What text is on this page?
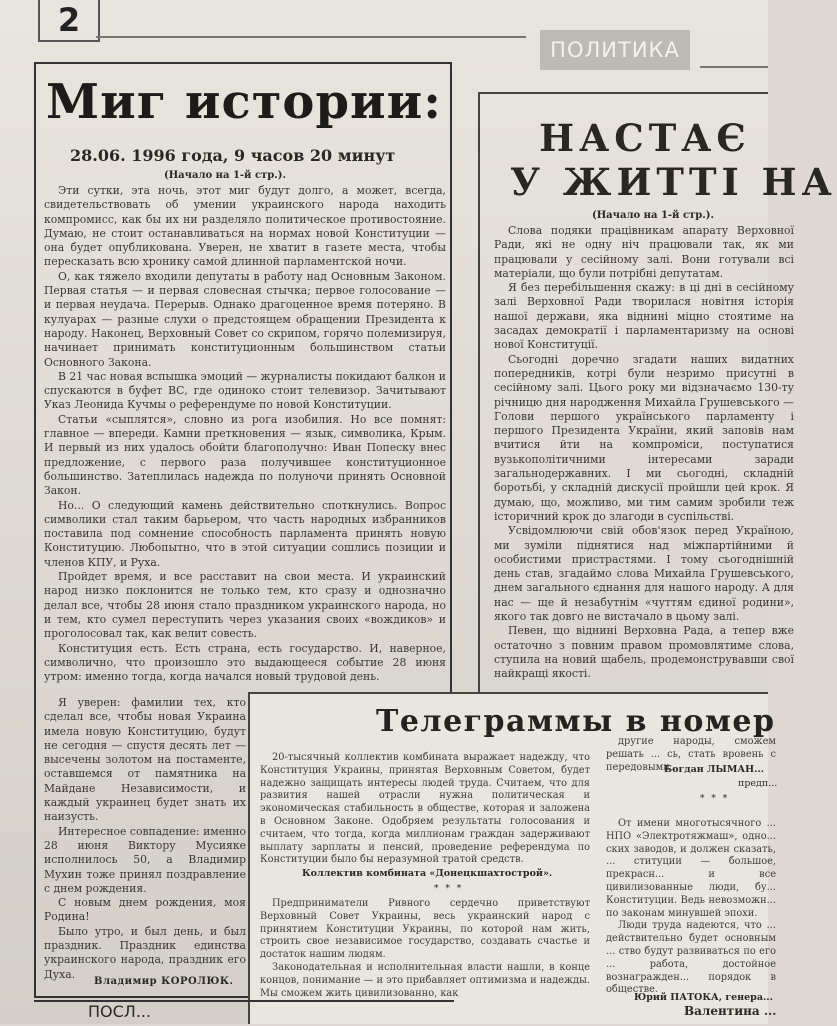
2
ПОЛИТИКА
Миг истории:
28.06. 1996 года, 9 часов 20 минут
(Начало на 1-й стр.).

Эти сутки, эта ночь, этот миг будут долго, а может, всегда, свидетельствовать об умении украинского народа находить компромисс, как бы их ни разделяло политическое противостояние. Думаю, не стоит останавливаться на нормах новой Конституции — она будет опубликована. Уверен, не хватит в газете места, чтобы пересказать всю хронику самой длинной парламентской ночи.

О, как тяжело входили депутаты в работу над Основным Законом. Первая статья — и первая словесная стычка; первое голосование — и первая неудача. Перерыв. Однако драгоценное время потеряно. В кулуарах — разные слухи о предстоящем обращении Президента к народу. Наконец, Верховный Совет со скрипом, горячо полемизируя, начинает принимать конституционным большинством статьи Основного Закона.

В 21 час новая вспышка эмоций — журналисты покидают балкон и спускаются в буфет ВС, где одиноко стоит телевизор. Зачитывают Указ Леонида Кучмы о референдуме по новой Конституции.

Статьи «сыплятся», словно из рога изобилия. Но все помнят: главное — впереди. Камни преткновения — язык, символика, Крым. И первый из них удалось обойти благополучно: Иван Попеску внес предложение, с первого раза получившее конституционное большинство. Затеплилась надежда по полуночи принять Основной Закон.

Но... О следующий камень действительно споткнулись. Вопрос символики стал таким барьером, что часть народных избранников поставила под сомнение способность парламента принять новую Конституцию. Любопытно, что в этой ситуации сошлись позиции и членов КПУ, и Руха.

Пройдет время, и все расставит на свои места. И украинский народ низко поклонится не только тем, кто сразу и однозначно делал все, чтобы 28 июня стало праздником украинского народа, но и тем, кто сумел переступить через указания своих «вождиков» и проголосовал так, как велит совесть.

Конституция есть. Есть страна, есть государство. И, наверное, символично, что произошло это выдающееся событие 28 июня утром: именно тогда, когда начался новый трудовой день.

Я уверен: фамилии тех, кто сделал все, чтобы новая Украина имела новую Конституцию, будут не сегодня — спустя десять лет — высечены золотом на постаменте, оставшемся от памятника на Майдане Независимости, и каждый украинец будет знать их наизусть.

Интересное совпадение: именно 28 июня Виктору Мусияке исполнилось 50, а Владимир Мухин тоже принял поздравление с днем рождения.

С новым днем рождения, моя Родина!

Было утро, и был день, и был праздник. Праздник единства украинского народа, праздник его Духа.

Владимир КОРОЛЮК.
НАСТАЄ
У ЖИТТІ НА
(Начало на 1-й стр.).

Слова подяки працівникам апарату Верховної Ради, які не одну ніч працювали так, як ми працювали у сесійному залі. Вони готували всі матеріали, що були потрібні депутатам.

Я без перебільшення скажу: в ці дні в сесійному залі Верховної Ради творилася новітня історія нашої держави, яка віднині міцно стоятиме на засадах демократії і парламентаризму на основі нової Конституції.

Сьогодні доречно згадати наших видатних попередників, котрі були незримо присутні в сесійному залі. Цього року ми відзначаємо 130-ту річницю дня народження Михайла Грушевського — Голови першого українського парламенту і першого Президента України, який заповів нам вчитися йти на компроміси, поступатися вузькополітичними інтересами заради загальнодержавних. І ми сьогодні, складній боротьбі, у складній дискусії пройшли цей крок. Я думаю, що, можливо, ми тим самим зробили теж історичний крок до злагоди в суспільстві.

Усвідомлюючи свій обов'язок перед Україною, ми зуміли піднятися над міжпартійними й особистими пристрастями. І тому сьогоднішній день став, згадаймо слова Михайла Грушевського, днем загального єднання для нашого народу. А для нас — ще й незабутнім «чуттям єдиної родини», якого так довго не вистачало в цьому залі.

Певен, що віднині Верховна Рада, а тепер вже остаточно з повним правом промовлятиме слова, ступила на новий щабель, продемонструвавши свої найкращі якості.

Телеграммы в номер

20-тысячный коллектив комбината выражает надежду, что Конституция Украины, принятая Верховным Советом, будет надежно защищать интересы людей труда. Считаем, что для развития нашей отрасли нужна политическая и экономическая стабильность в обществе, которая и заложена в Основном Законе. Одобряем результаты голосования и считаем, что тогда, когда миллионам граждан задерживают выплату зарплаты и пенсий, проведение референдума по Конституции было бы неразумной тратой средств.

Коллектив комбината «Донецкшахтострой».
* * *

Предприниматели Ривного сердечно приветствуют Верховный Совет Украины, весь украинский народ с принятием Конституции Украины, по которой нам жить, строить свое независимое государство, создавать счастье и достаток нашим людям.

Законодательная и исполнительная власти нашли, в конце концов, понимание — и это прибавляет оптимизма и надежды. Мы сможем жить цивилизованно, как

другие народы, сможем решать ... сь, стать вровень с передовыми ...

Богдан ЛЫМАН...
предп...
* * *

От имени многотысячного ... НПО «Электротяжмаш», одно... ских заводов, и должен сказать, ... ституции — большое, прекрасн... и все цивилизованные люди, бу... Конституции. Ведь невозможн... по законам минувшей эпохи.

Люди труда надеются, что ... действительно будет основным ... ство будут развиваться по его ... работа, достойное вознагражден... порядок в обществе.

Юрий ПАТОКА, генера...
ПОСЛ...	Валентина ...
